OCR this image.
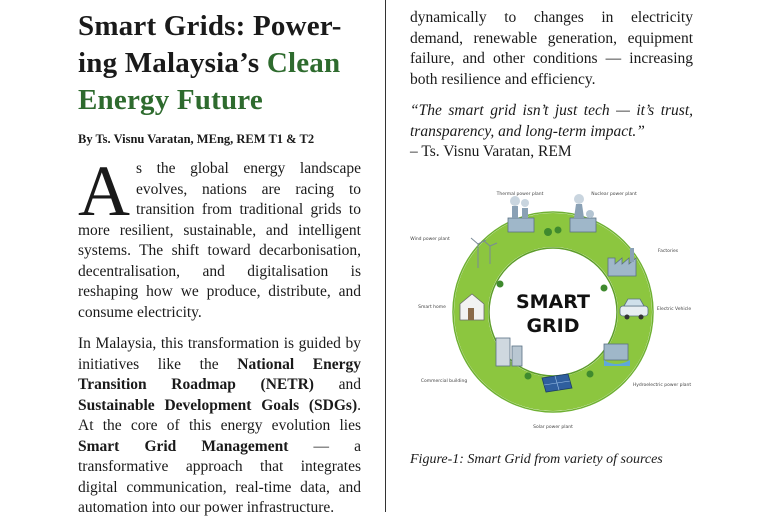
Smart Grids: Power-ing Malaysia’s Clean Energy Future
By Ts. Visnu Varatan, MEng, REM T1 & T2

As the global energy landscape evolves, nations are racing to transition from traditional grids to more resilient, sustainable, and intelligent systems. The shift toward decarbonisation, decentralisation, and digitalisation is reshaping how we produce, distribute, and consume electricity.

In Malaysia, this transformation is guided by initiatives like the National Energy Transition Roadmap (NETR) and Sustainable Development Goals (SDGs). At the core of this energy evolution lies Smart Grid Management — a transformative approach that integrates digital communication, real-time data, and automation into our power infrastructure.

dynamically to changes in electricity demand, renewable generation, equipment failure, and other conditions — increasing both resilience and efficiency.

“The smart grid isn’t just tech — it’s trust, transparency, and long-term impact.”

– Ts. Visnu Varatan, REM

SMART
GRID
Thermal power plant	Nuclear power plant
Wind power plant
Factories
Smart home	Electric Vehicle
Commercial building
Hydroelectric power plant
Solar power plant
Figure-1: Smart Grid from variety of sources
